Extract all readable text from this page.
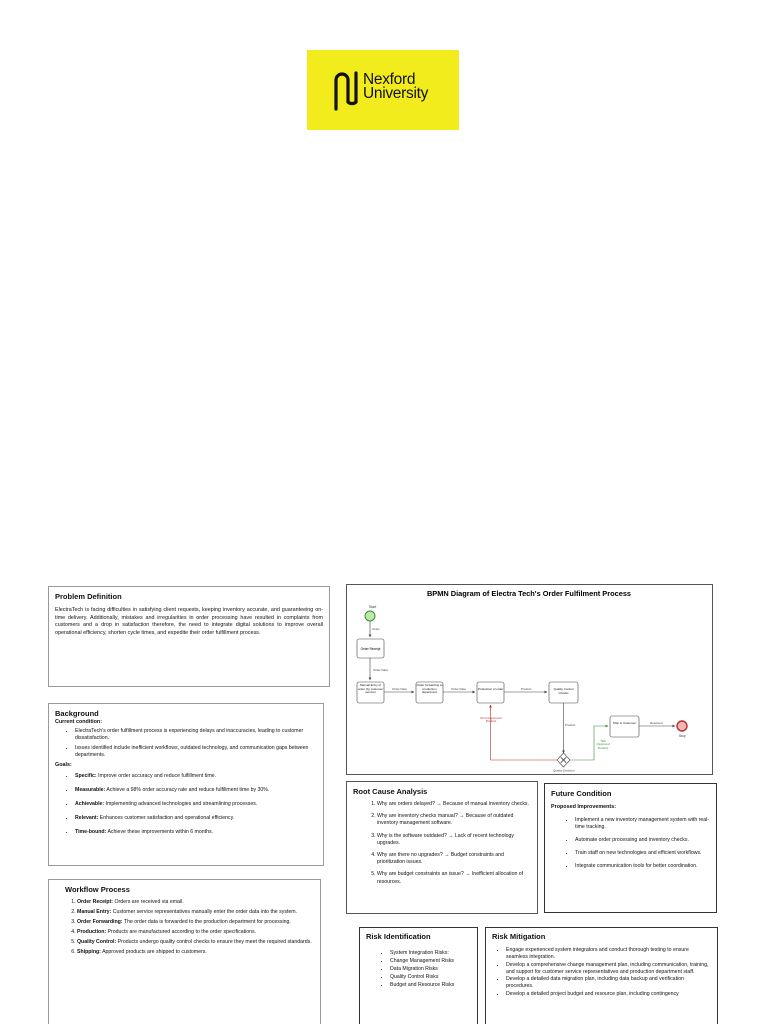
Nexford
University
Problem Definition
ElectraTech is facing difficulties in satisfying client requests, keeping inventory accurate, and guaranteeing on-time delivery. Additionally, mistakes and irregularities in order processing have resulted in complaints from customers and a drop in satisfaction therefore, the need to integrate digital solutions to improve overall operational efficiency, shorten cycle times, and expedite their order fulfillment process.
Background
Current condition:
• ElectraTech's order fulfillment process is experiencing delays and inaccuracies, leading to customer dissatisfaction.
• Issues identified include inefficient workflows, outdated technology, and communication gaps between departments.
Goals:
• Specific: Improve order accuracy and reduce fulfillment time.
• Measurable: Achieve a 98% order accuracy rate and reduce fulfillment time by 30%.
• Achievable: Implementing advanced technologies and streamlining processes.
• Relevant: Enhances customer satisfaction and operational efficiency.
• Time-bound: Achieve these improvements within 6 months.
Workflow Process
1. Order Receipt: Orders are received via email.
2. Manual Entry: Customer service representatives manually enter the order data into the system.
3. Order Forwarding: The order data is forwarded to the production department for processing.
4. Production: Products are manufactured according to the order specifications.
5. Quality Control: Products undergo quality control checks to ensure they meet the required standards.
6. Shipping: Approved products are shipped to customers.
BPMN Diagram of Electra Tech's Order Fulfilment Process
Start
Order
Order Receipt
Order Data
Manual Entry of order (by customer service)
Order Data
Order forwarding to production department
Order Data	Production of order	Product	Quality Control Checks
Product
Quality Decision
NO (Unapproved Product)
YES (Approved Product)
Ship to Customer	Received
Stop
Root Cause Analysis
1. Why are orders delayed? → Because of manual inventory checks.
2. Why are inventory checks manual? → Because of outdated inventory management software.
3. Why is the software outdated? → Lack of recent technology upgrades.
4. Why are there no upgrades? → Budget constraints and prioritization issues.
5. Why are budget constraints an issue? → Inefficient allocation of resources.
Future Condition
Proposed Improvements:
• Implement a new inventory management system with real-time tracking.
• Automate order processing and inventory checks.
• Train staff on new technologies and efficient workflows.
• Integrate communication tools for better coordination.
Risk Identification
• System Integration Risks:
• Change Management Risks
• Data Migration Risks
• Quality Control Risks
• Budget and Resource Risks
Risk Mitigation
• Engage experienced system integrators and conduct thorough testing to ensure seamless integration.
• Develop a comprehensive change management plan, including communication, training, and support for customer service representatives and production department staff.
• Develop a detailed data migration plan, including data backup and verification procedures.
• Develop a detailed project budget and resource plan, including contingency
